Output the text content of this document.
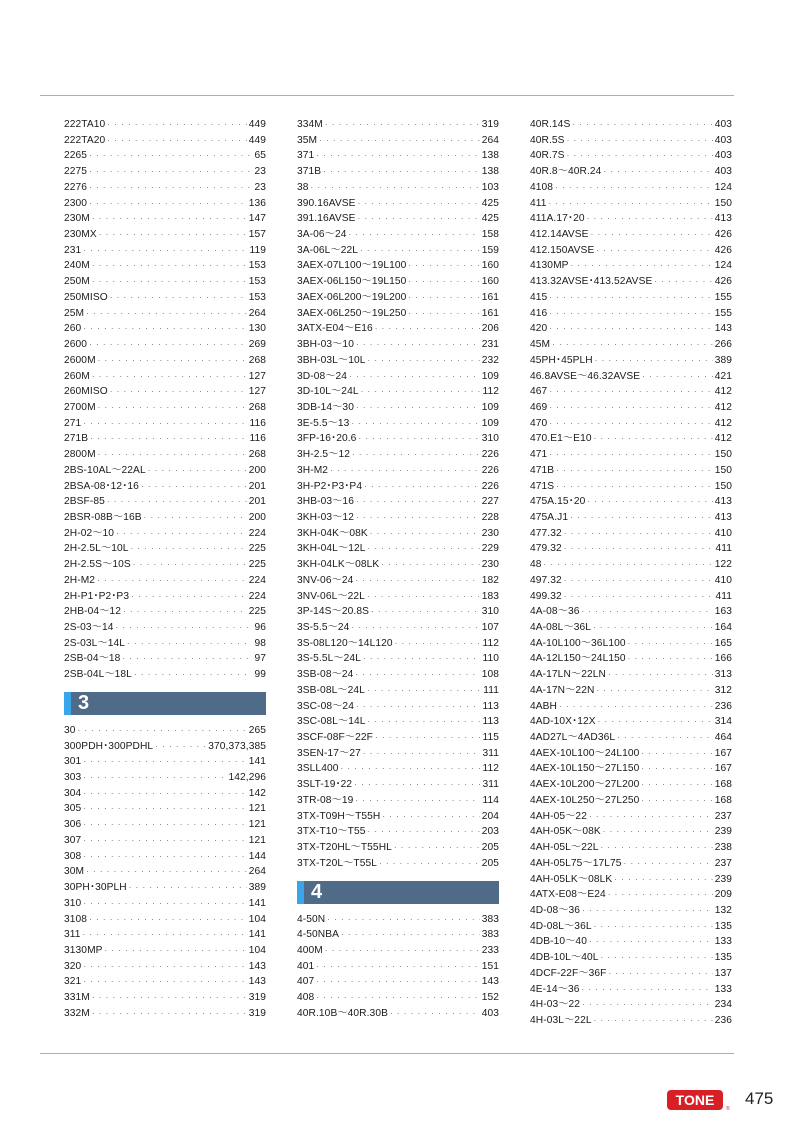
222TA10 · · ·	449
222TA20 · · ·	449
2265 · · ·	65
2275 · · ·	23
2276 · · ·	23
2300 · · ·	136
230M · · ·	147
230MX · · ·	157
231 · · ·	119
240M · · ·	153
250M · · ·	153
250MISO · · ·	153
25M · · ·	264
260 · · ·	130
2600 · · ·	269
2600M · · ·	268
260M · · ·	127
260MISO · · ·	127
2700M · · ·	268
271 · · ·	116
271B · · ·	116
2800M · · ·	268
2BS-10AL～22AL · · ·	200
2BSA-08･12･16 · · ·	201
2BSF-85 · · ·	201
2BSR-08B～16B · · ·	200
2H-02～10 · · ·	224
2H-2.5L～10L · · ·	225
2H-2.5S～10S · · ·	225
2H-M2 · · ·	224
2H-P1･P2･P3 · · ·	224
2HB-04～12 · · ·	225
2S-03～14 · · ·	96
2S-03L～14L · · ·	98
2SB-04～18 · · ·	97
2SB-04L～18L · · ·	99
3
30 · · ·	265
300PDH･300PDHL · · ·	370,373,385
301 · · ·	141
303 · · ·	142,296
304 · · ·	142
305 · · ·	121
306 · · ·	121
307 · · ·	121
308 · · ·	144
30M · · ·	264
30PH･30PLH · · ·	389
310 · · ·	141
3108 · · ·	104
311 · · ·	141
3130MP · · ·	104
320 · · ·	143
321 · · ·	143
331M · · ·	319
332M · · ·	319
334M · · ·	319
35M · · ·	264
371 · · ·	138
371B · · ·	138
38 · · ·	103
390.16AVSE · · ·	425
391.16AVSE · · ·	425
3A-06～24 · · ·	158
3A-06L～22L · · ·	159
3AEX-07L100～19L100 · · ·	160
3AEX-06L150～19L150 · · ·	160
3AEX-06L200～19L200 · · ·	161
3AEX-06L250～19L250 · · ·	161
3ATX-E04～E16 · · ·	206
3BH-03～10 · · ·	231
3BH-03L～10L · · ·	232
3D-08～24 · · ·	109
3D-10L～24L · · ·	112
3DB-14～30 · · ·	109
3E-5.5～13 · · ·	109
3FP-16･20.6 · · ·	310
3H-2.5～12 · · ·	226
3H-M2 · · ·	226
3H-P2･P3･P4 · · ·	226
3HB-03～16 · · ·	227
3KH-03～12 · · ·	228
3KH-04K～08K · · ·	230
3KH-04L～12L · · ·	229
3KH-04LK～08LK · · ·	230
3NV-06～24 · · ·	182
3NV-06L～22L · · ·	183
3P-14S～20.8S · · ·	310
3S-5.5～24 · · ·	107
3S-08L120～14L120 · · ·	112
3S-5.5L～24L · · ·	110
3SB-08～24 · · ·	108
3SB-08L～24L · · ·	111
3SC-08～24 · · ·	113
3SC-08L～14L · · ·	113
3SCF-08F～22F · · ·	115
3SEN-17～27 · · ·	311
3SLL400 · · ·	112
3SLT-19･22 · · ·	311
3TR-08～19 · · ·	114
3TX-T09H～T55H · · ·	204
3TX-T10～T55 · · ·	203
3TX-T20HL～T55HL · · ·	205
3TX-T20L～T55L · · ·	205
4
4-50N · · ·	383
4-50NBA · · ·	383
400M · · ·	233
401 · · ·	151
407 · · ·	143
408 · · ·	152
40R.10B～40R.30B · · ·	403
40R.14S · · ·	403
40R.5S · · ·	403
40R.7S · · ·	403
40R.8～40R.24 · · ·	403
4108 · · ·	124
411 · · ·	150
411A.17･20 · · ·	413
412.14AVSE · · ·	426
412.150AVSE · · ·	426
4130MP · · ·	124
413.32AVSE･413.52AVSE · · ·	426
415 · · ·	155
416 · · ·	155
420 · · ·	143
45M · · ·	266
45PH･45PLH · · ·	389
46.8AVSE～46.32AVSE · · ·	421
467 · · ·	412
469 · · ·	412
470 · · ·	412
470.E1～E10 · · ·	412
471 · · ·	150
471B · · ·	150
471S · · ·	150
475A.15･20 · · ·	413
475A.J1 · · ·	413
477.32 · · ·	410
479.32 · · ·	411
48 · · ·	122
497.32 · · ·	410
499.32 · · ·	411
4A-08～36 · · ·	163
4A-08L～36L · · ·	164
4A-10L100～36L100 · · ·	165
4A-12L150～24L150 · · ·	166
4A-17LN～22LN · · ·	313
4A-17N～22N · · ·	312
4ABH · · ·	236
4AD-10X･12X · · ·	314
4AD27L～4AD36L · · ·	464
4AEX-10L100～24L100 · · ·	167
4AEX-10L150～27L150 · · ·	167
4AEX-10L200～27L200 · · ·	168
4AEX-10L250～27L250 · · ·	168
4AH-05～22 · · ·	237
4AH-05K～08K · · ·	239
4AH-05L～22L · · ·	238
4AH-05L75～17L75 · · ·	237
4AH-05LK～08LK · · ·	239
4ATX-E08～E24 · · ·	209
4D-08～36 · · ·	132
4D-08L～36L · · ·	135
4DB-10～40 · · ·	133
4DB-10L～40L · · ·	135
4DCF-22F～36F · · ·	137
4E-14～36 · · ·	133
4H-03～22 · · ·	234
4H-03L～22L · · ·	236
TONE
®
475
